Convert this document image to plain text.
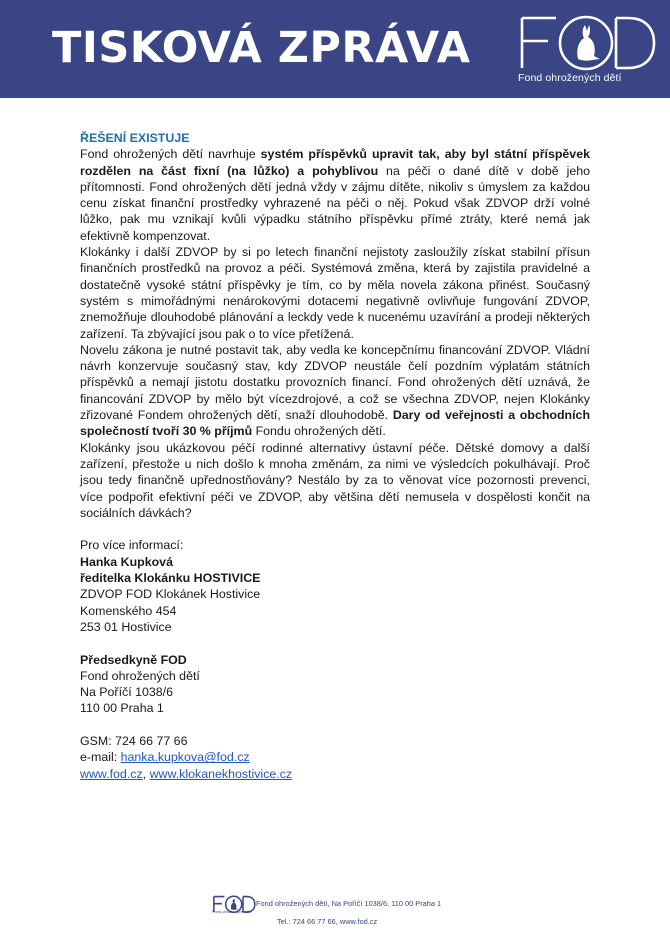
TISKOVÁ ZPRÁVA
FOD
Fond ohrožených dětí
ŘEŠENÍ EXISTUJE

Fond ohrožených dětí navrhuje systém příspěvků upravit tak, aby byl státní příspěvek rozdělen na část fixní (na lůžko) a pohyblivou na péči o dané dítě v době jeho přítomnosti. Fond ohrožených dětí jedná vždy v zájmu dítěte, nikoliv s úmyslem za každou cenu získat finanční prostředky vyhrazené na péči o něj. Pokud však ZDVOP drží volné lůžko, pak mu vznikají kvůli výpadku státního příspěvku přímé ztráty, které nemá jak efektivně kompenzovat.

Klokánky i další ZDVOP by si po letech finanční nejistoty zasloužily získat stabilní přísun finančních prostředků na provoz a péči. Systémová změna, která by zajistila pravidelné a dostatečně vysoké státní příspěvky je tím, co by měla novela zákona přinést. Současný systém s mimořádnými nenárokovými dotacemi negativně ovlivňuje fungování ZDVOP, znemožňuje dlouhodobé plánování a leckdy vede k nucenému uzavírání a prodeji některých zařízení. Ta zbývající jsou pak o to více přetížená.

Novelu zákona je nutné postavit tak, aby vedla ke koncepčnímu financování ZDVOP. Vládní návrh konzervuje současný stav, kdy ZDVOP neustále čelí pozdním výplatám státních příspěvků a nemají jistotu dostatku provozních financí. Fond ohrožených dětí uznává, že financování ZDVOP by mělo být vícezdrojové, a což se všechna ZDVOP, nejen Klokánky zřizované Fondem ohrožených dětí, snaží dlouhodobě. Dary od veřejnosti a obchodních společností tvoří 30 % příjmů Fondu ohrožených dětí.

Klokánky jsou ukázkovou péčí rodinné alternativy ústavní péče. Dětské domovy a další zařízení, přestože u nich došlo k mnoha změnám, za nimi ve výsledcích pokulhávají. Proč jsou tedy finančně upřednostňovány? Nestálo by za to věnovat více pozornosti prevenci, více podpořit efektivní péči ve ZDVOP, aby většina dětí nemusela v dospělosti končit na sociálních dávkách?

Pro více informací:

Hanka Kupková

ředitelka Klokánku HOSTIVICE

ZDVOP FOD Klokánek Hostivice

Komenského 454

253 01 Hostivice

Předsedkyně FOD

Fond ohrožených dětí

Na Poříčí 1038/6

110 00 Praha 1

GSM: 724 66 77 66

e-mail: hanka.kupkova@fod.cz

www.fod.cz, www.klokanekhostivice.cz

FOD
Fond ohrožených dětí
Fond ohrožených dětí, Na Poříčí 1038/6, 110 00 Praha 1
Tel.: 724 66 77 66, www.fod.cz
